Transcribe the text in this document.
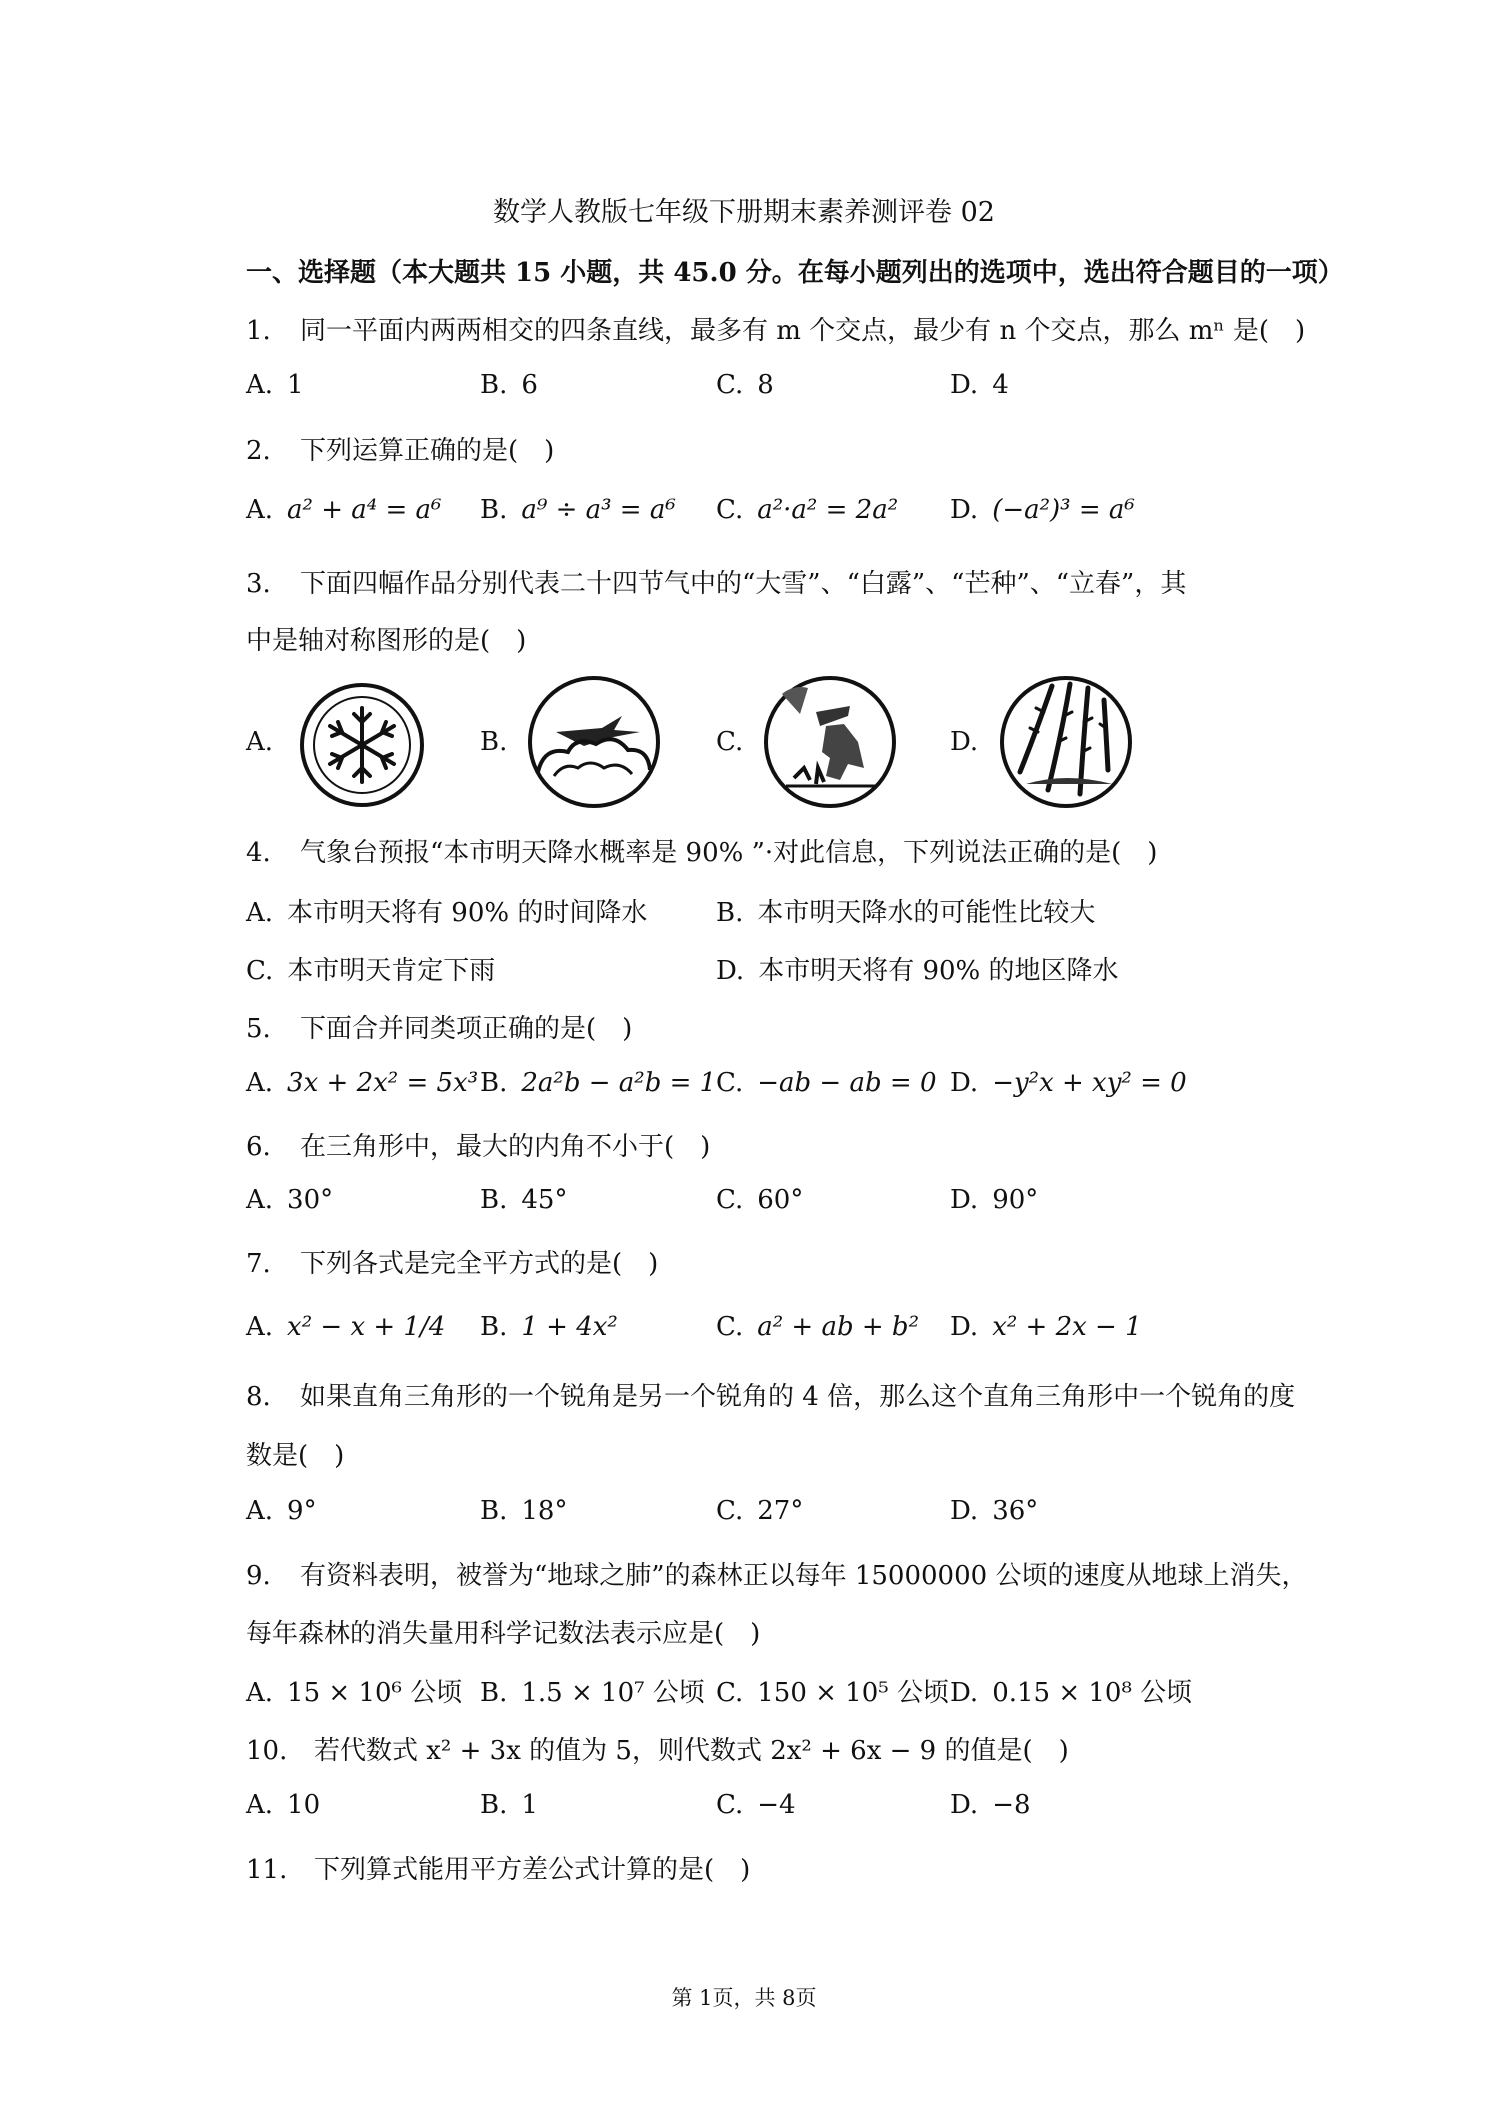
数学人教版七年级下册期末素养测评卷 02
一、选择题（本大题共 15 小题，共 45.0 分。在每小题列出的选项中，选出符合题目的一项）
1. 同一平面内两两相交的四条直线，最多有 m 个交点，最少有 n 个交点，那么 mⁿ 是(　)
A. 1	B. 6	C. 8	D. 4
2. 下列运算正确的是(　)
A. a² + a⁴ = a⁶ B. a⁹ ÷ a³ = a⁶ C. a²·a² = 2a² D. (−a²)³ = a⁶
3. 下面四幅作品分别代表二十四节气中的“大雪”、“白露”、“芒种”、“立春”，其
中是轴对称图形的是(　)
A.	B.	C.	D.
4. 气象台预报“本市明天降水概率是 90% ”·对此信息，下列说法正确的是(　)
A. 本市明天将有 90% 的时间降水	B. 本市明天降水的可能性比较大
C. 本市明天肯定下雨	D. 本市明天将有 90% 的地区降水
5. 下面合并同类项正确的是(　)
A. 3x + 2x² = 5x³ B. 2a²b − a²b = 1 C. −ab − ab = 0 D. −y²x + xy² = 0
6. 在三角形中，最大的内角不小于(　)
A. 30°	B. 45°	C. 60°	D. 90°
7. 下列各式是完全平方式的是(　)
A. x² − x + 1/4 B. 1 + 4x²	C. a² + ab + b² D. x² + 2x − 1
8. 如果直角三角形的一个锐角是另一个锐角的 4 倍，那么这个直角三角形中一个锐角的度
数是(　)
A. 9°	B. 18°	C. 27°	D. 36°
9. 有资料表明，被誉为“地球之肺”的森林正以每年 15000000 公顷的速度从地球上消失，
每年森林的消失量用科学记数法表示应是(　)
A. 15 × 10⁶ 公顷 B. 1.5 × 10⁷ 公顷 C. 150 × 10⁵ 公顷 D. 0.15 × 10⁸ 公顷
10. 若代数式 x² + 3x 的值为 5，则代数式 2x² + 6x − 9 的值是(　)
A. 10	B. 1	C. −4	D. −8
11. 下列算式能用平方差公式计算的是(　)
第 1页，共 8页
